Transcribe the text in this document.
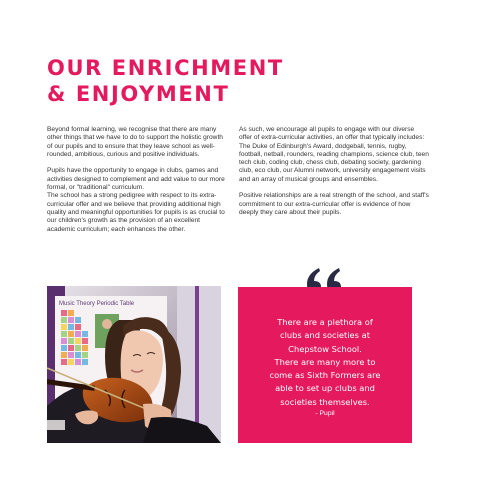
OUR ENRICHMENT
& ENJOYMENT

Beyond formal learning, we recognise that there are many other things that we have to do to support the holistic growth of our pupils and to ensure that they leave school as well-rounded, ambitious, curious and positive individuals.

Pupils have the opportunity to engage in clubs, games and activities designed to complement and add value to our more formal, or "traditional" curriculum.

The school has a strong pedigree with respect to its extra-curricular offer and we believe that providing additional high quality and meaningful opportunities for pupils is as crucial to our children's growth as the provision of an excellent academic curriculum; each enhances the other.

As such, we encourage all pupils to engage with our diverse offer of extra-curricular activities, an offer that typically includes: The Duke of Edinburgh's Award, dodgeball, tennis, rugby, football, netball, rounders, reading champions, science club, teen tech club, coding club, chess club, debating society, gardening club, eco club, our Alumni network, university engagement visits and an array of musical groups and ensembles.

Positive relationships are a real strength of the school, and staff's commitment to our extra-curricular offer is evidence of how deeply they care about their pupils.

Music Theory Periodic Table

There are a plethora of
clubs and societies at
Chepstow School.
There are many more to
come as Sixth Formers are
able to set up clubs and
societies themselves.

- Pupil
